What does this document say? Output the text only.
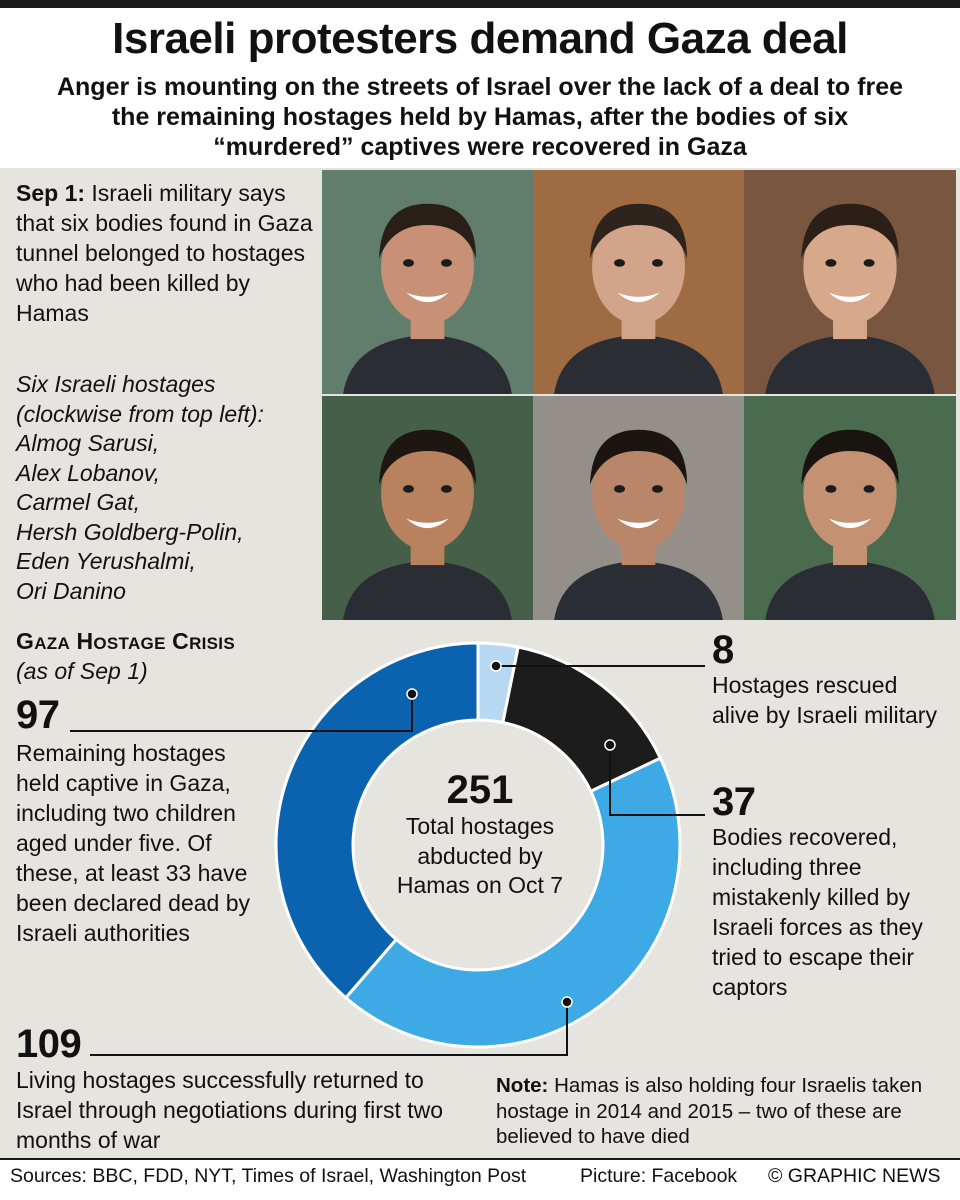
Israeli protesters demand Gaza deal
Anger is mounting on the streets of Israel over the lack of a deal to free the remaining hostages held by Hamas, after the bodies of six “murdered” captives were recovered in Gaza
Sep 1: Israeli military says that six bodies found in Gaza tunnel belonged to hostages who had been killed by Hamas
Six Israeli hostages (clockwise from top left):
Almog Sarusi,
Alex Lobanov,
Carmel Gat,
Hersh Goldberg-Polin,
Eden Yerushalmi,
Ori Danino
GAZA HOSTAGE CRISIS
(as of Sep 1)
97
Remaining hostages held captive in Gaza, including two children aged under five. Of these, at least 33 have been declared dead by Israeli authorities
8
Hostages rescued alive by Israeli military
37
Bodies recovered, including three mistakenly killed by Israeli forces as they tried to escape their captors
109
Living hostages successfully returned to Israel through negotiations during first two months of war
251
Total hostages abducted by Hamas on Oct 7
Note: Hamas is also holding four Israelis taken hostage in 2014 and 2015 – two of these are believed to have died
Sources: BBC, FDD, NYT, Times of Israel, Washington Post	Picture: Facebook © GRAPHIC NEWS
